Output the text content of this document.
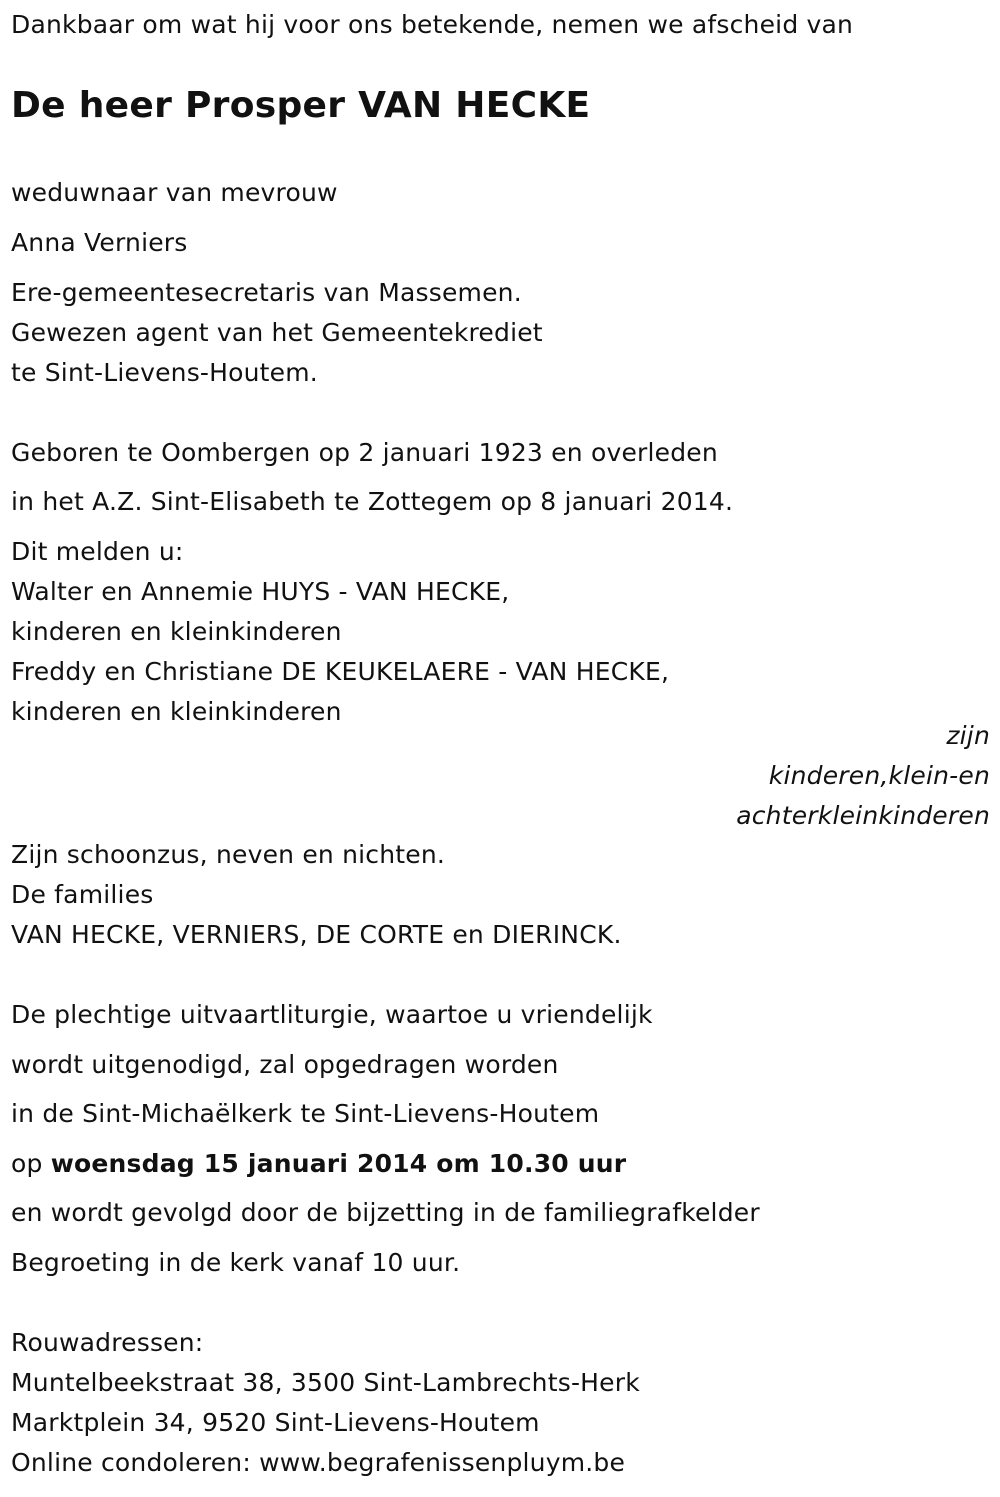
Dankbaar om wat hij voor ons betekende, nemen we afscheid van
De heer Prosper VAN HECKE
weduwnaar van mevrouw
Anna Verniers
Ere-gemeentesecretaris van Massemen.
Gewezen agent van het Gemeentekrediet
te Sint-Lievens-Houtem.
Geboren te Oombergen op 2 januari 1923 en overleden
in het A.Z. Sint-Elisabeth te Zottegem op 8 januari 2014.
Dit melden u:
Walter en Annemie HUYS - VAN HECKE,
kinderen en kleinkinderen
Freddy en Christiane DE KEUKELAERE - VAN HECKE,
kinderen en kleinkinderen
zijn
kinderen,klein-en
achterkleinkinderen
Zijn schoonzus, neven en nichten.
De families
VAN HECKE, VERNIERS, DE CORTE en DIERINCK.
De plechtige uitvaartliturgie, waartoe u vriendelijk
wordt uitgenodigd, zal opgedragen worden
in de Sint-Michaëlkerk te Sint-Lievens-Houtem
op woensdag 15 januari 2014 om 10.30 uur
en wordt gevolgd door de bijzetting in de familiegrafkelder
Begroeting in de kerk vanaf 10 uur.
Rouwadressen:
Muntelbeekstraat 38, 3500 Sint-Lambrechts-Herk
Marktplein 34, 9520 Sint-Lievens-Houtem
Online condoleren: www.begrafenissenpluym.be
